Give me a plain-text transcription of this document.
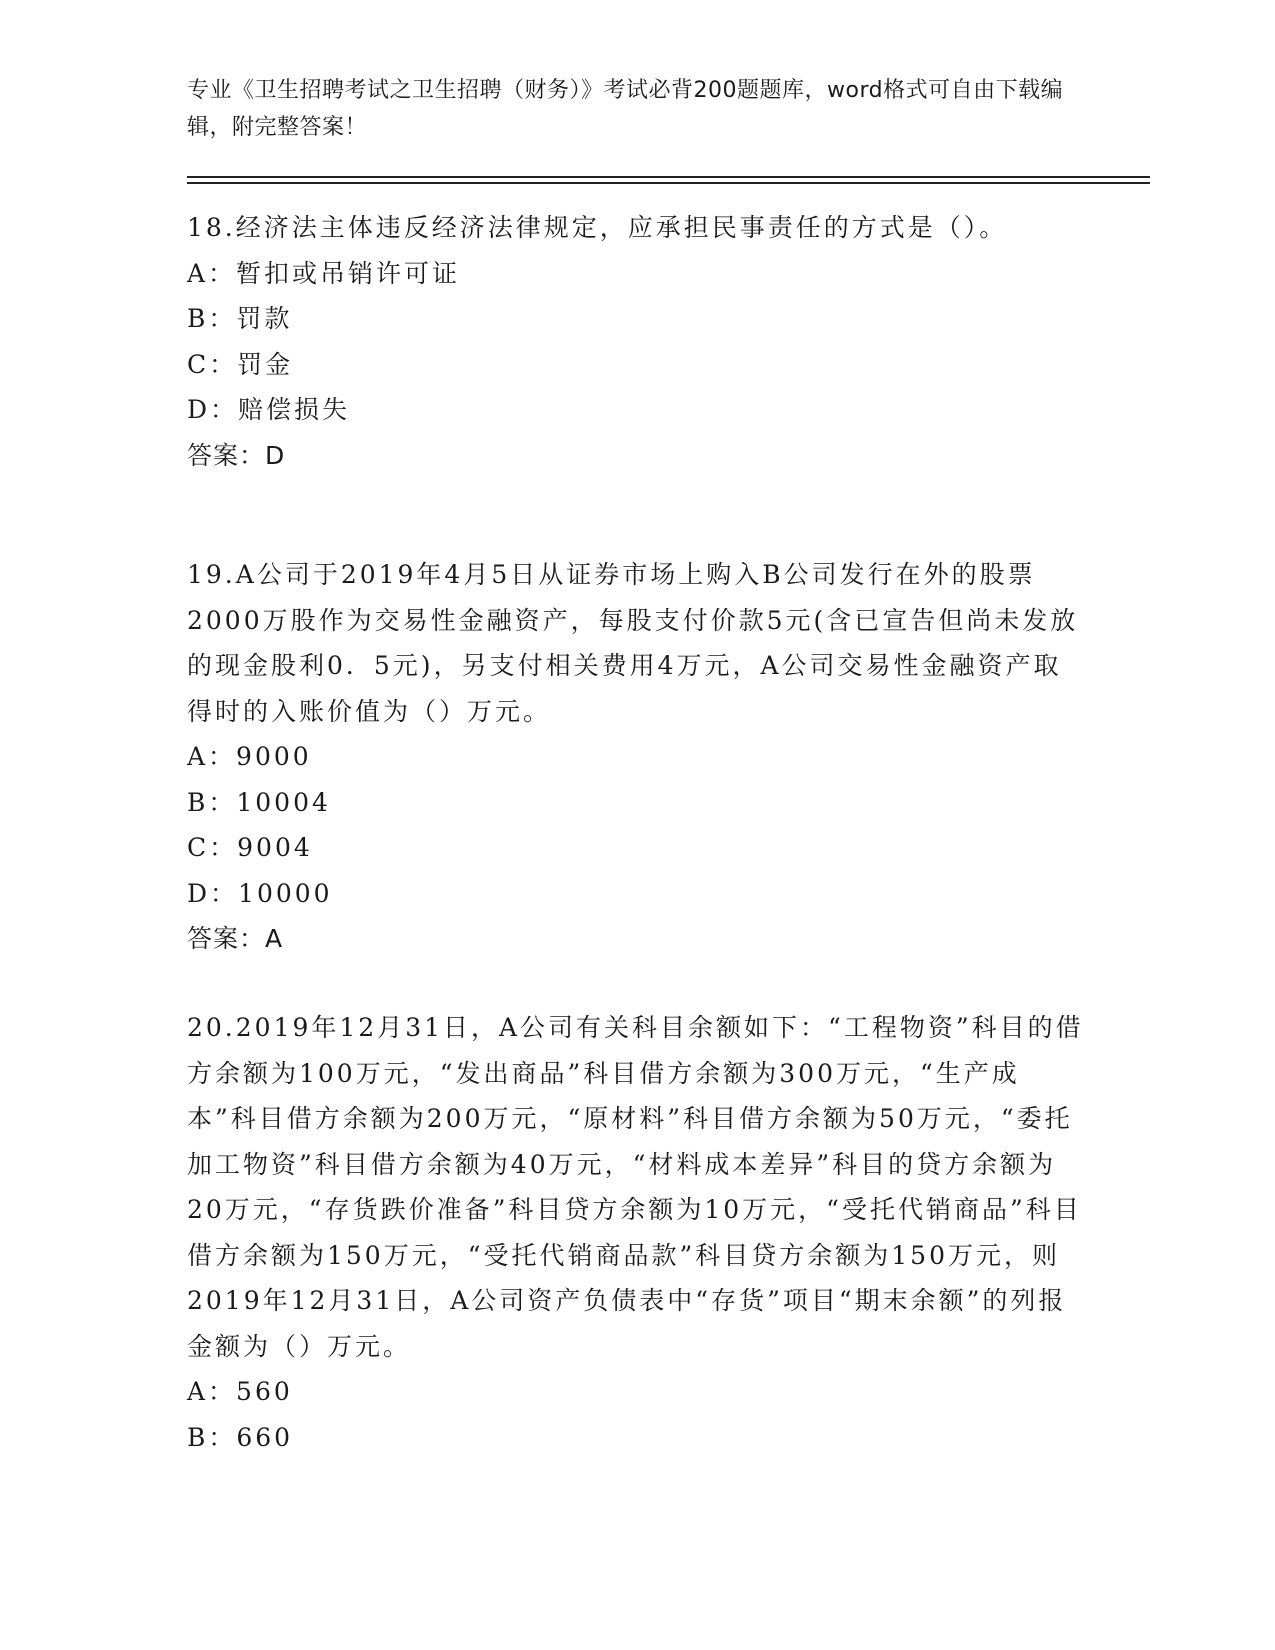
专业《卫生招聘考试之卫生招聘（财务）》考试必背200题题库，word格式可自由下载编辑，附完整答案！
18.经济法主体违反经济法律规定，应承担民事责任的方式是（）。
A：暂扣或吊销许可证
B：罚款
C：罚金
D：赔偿损失
答案：D
19.A公司于2019年4月5日从证券市场上购入B公司发行在外的股票2000万股作为交易性金融资产，每股支付价款5元(含已宣告但尚未发放的现金股利0．5元)，另支付相关费用4万元，A公司交易性金融资产取得时的入账价值为（）万元。
A：9000
B：10004
C：9004
D：10000
答案：A
20.2019年12月31日，A公司有关科目余额如下：“工程物资”科目的借方余额为100万元，“发出商品”科目借方余额为300万元，“生产成本”科目借方余额为200万元，“原材料”科目借方余额为50万元，“委托加工物资”科目借方余额为40万元，“材料成本差异”科目的贷方余额为20万元，“存货跌价准备”科目贷方余额为10万元，“受托代销商品”科目借方余额为150万元，“受托代销商品款”科目贷方余额为150万元，则2019年12月31日，A公司资产负债表中“存货”项目“期末余额”的列报金额为（）万元。
A：560
B：660
